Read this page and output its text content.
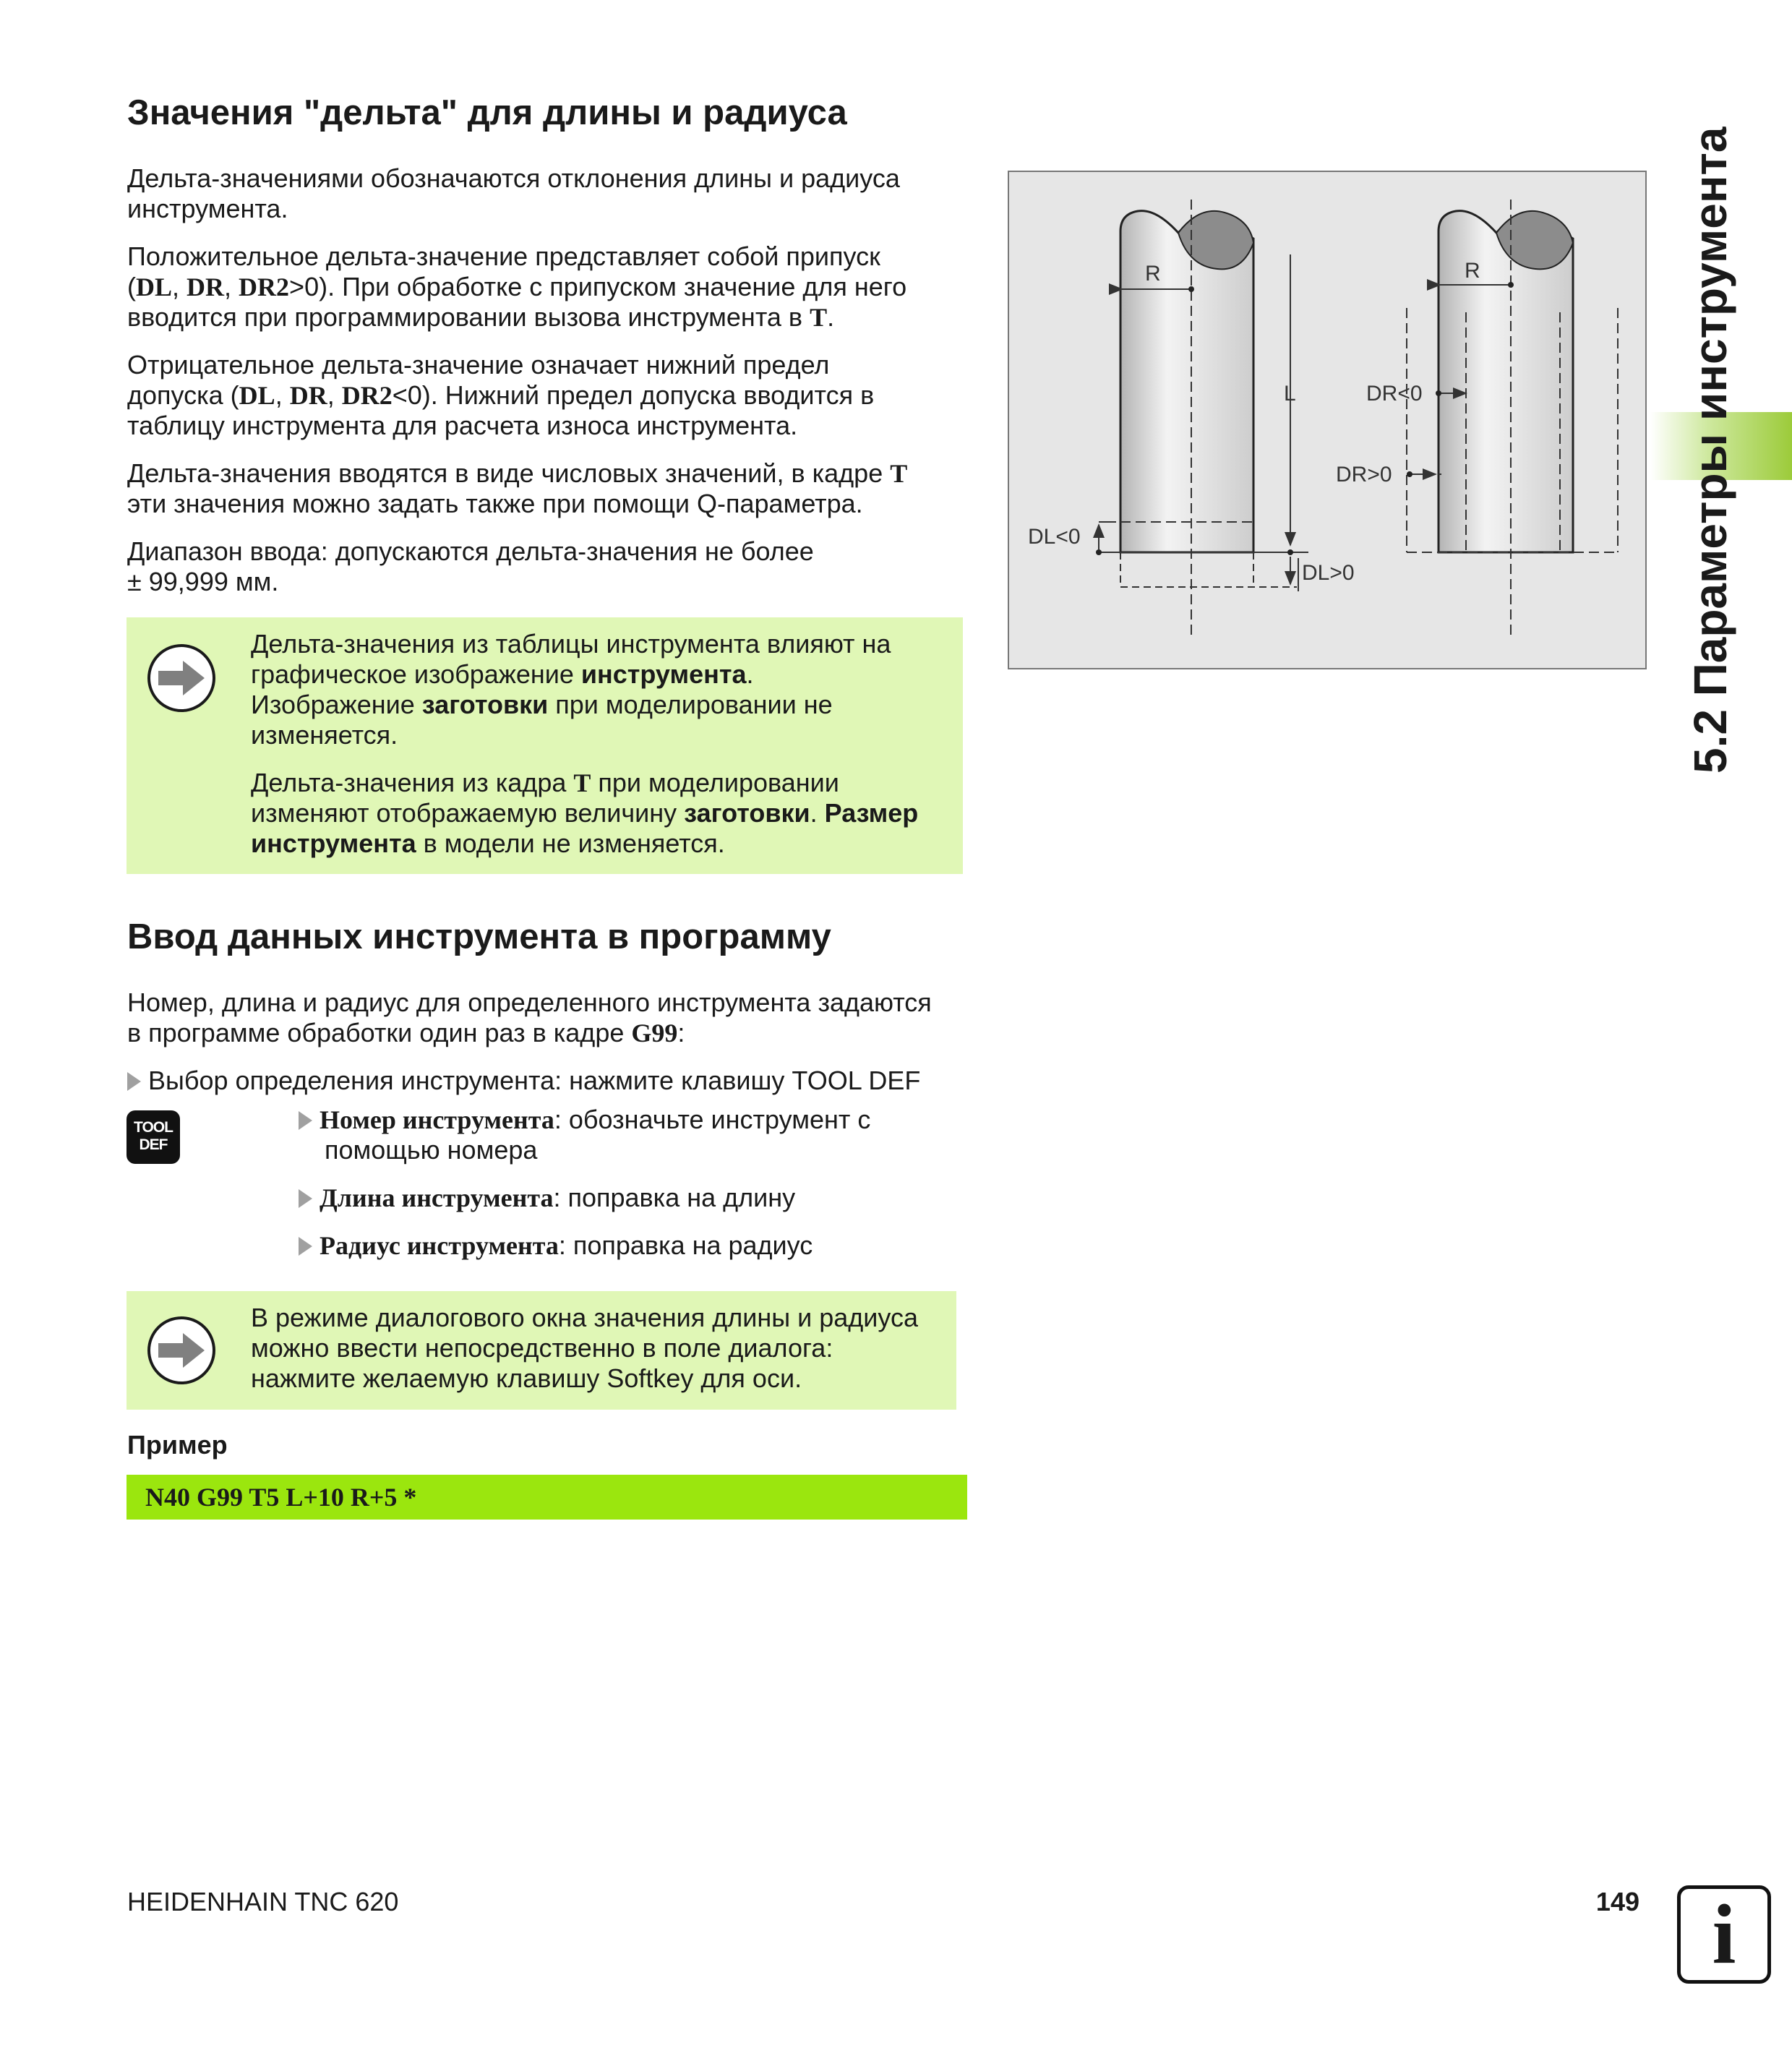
Значения "дельта" для длины и радиуса

Дельта-значениями обозначаются отклонения длины и радиуса
инструмента.

Положительное дельта-значение представляет собой припуск
(DL, DR, DR2>0). При обработке с припуском значение для него
вводится при программировании вызова инструмента в T.

Отрицательное дельта-значение означает нижний предел
допуска (DL, DR, DR2<0). Нижний предел допуска вводится в
таблицу инструмента для расчета износа инструмента.

Дельта-значения вводятся в виде числовых значений, в кадре T
эти значения можно задать также при помощи Q-параметра.

Диапазон ввода: допускаются дельта-значения не более
± 99,999 мм.

Дельта-значения из таблицы инструмента влияют на
графическое изображение инструмента.
Изображение заготовки при моделировании не
изменяется.

Дельта-значения из кадра T при моделировании
изменяют отображаемую величину заготовки. Размер
инструмента в модели не изменяется.

Ввод данных инструмента в программу

Номер, длина и радиус для определенного инструмента задаются
в программе обработки один раз в кадре G99:

Выбор определения инструмента: нажмите клавишу TOOL DEF

TOOL
DEF

Номер инструмента: обозначьте инструмент с
помощью номера

Длина инструмента: поправка на длину

Радиус инструмента: поправка на радиус

В режиме диалогового окна значения длины и радиуса
можно ввести непосредственно в поле диалога:
нажмите желаемую клавишу Softkey для оси.

Пример
N40 G99 T5 L+10 R+5 *
R
L
DL<0
DL>0
R
DR<0
DR>0	5.2 Параметры инструмента
HEIDENHAIN TNC 620	149 i
